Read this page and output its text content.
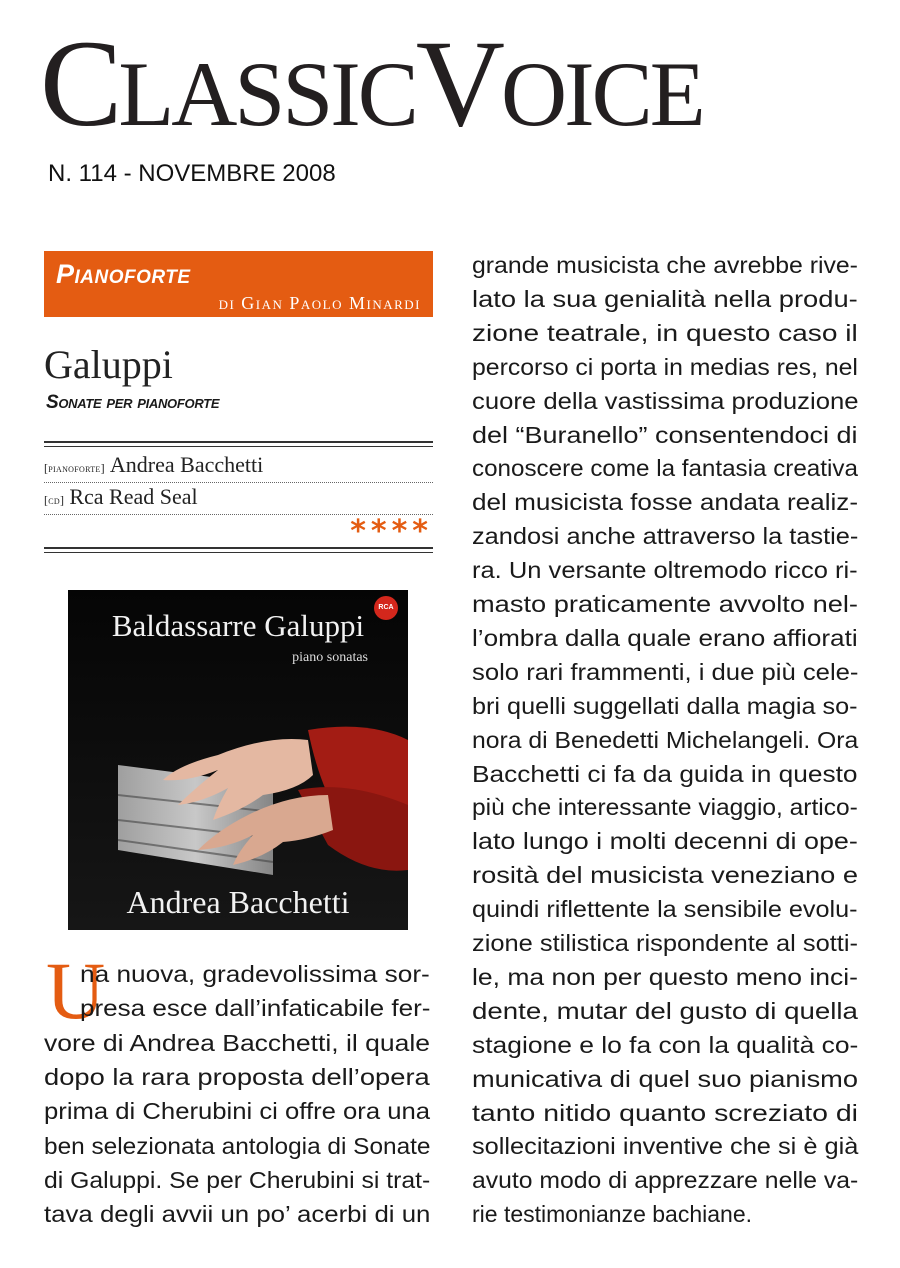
CLASSICVOICE
N. 114 - NOVEMBRE 2008
Pianoforte
di Gian Paolo Minardi
Galuppi
Sonate per pianoforte
[pianoforte] Andrea Bacchetti
[cd] Rca Read Seal
****
RCA
Baldassarre Galuppi
piano sonatas
Andrea Bacchetti
U
na nuova, gradevolissima sor-
presa esce dall’infaticabile fer-
vore di Andrea Bacchetti, il quale
dopo la rara proposta dell’opera
prima di Cherubini ci offre ora una
ben selezionata antologia di Sonate
di Galuppi. Se per Cherubini si trat-
tava degli avvii un po’ acerbi di un
grande musicista che avrebbe rive-
lato la sua genialità nella produ-
zione teatrale, in questo caso il
percorso ci porta in medias res, nel
cuore della vastissima produzione
del “Buranello” consentendoci di
conoscere come la fantasia creativa
del musicista fosse andata realiz-
zandosi anche attraverso la tastie-
ra. Un versante oltremodo ricco ri-
masto praticamente avvolto nel-
l’ombra dalla quale erano affiorati
solo rari frammenti, i due più cele-
bri quelli suggellati dalla magia so-
nora di Benedetti Michelangeli. Ora
Bacchetti ci fa da guida in questo
più che interessante viaggio, artico-
lato lungo i molti decenni di ope-
rosità del musicista veneziano e
quindi riflettente la sensibile evolu-
zione stilistica rispondente al sotti-
le, ma non per questo meno inci-
dente, mutar del gusto di quella
stagione e lo fa con la qualità co-
municativa di quel suo pianismo
tanto nitido quanto screziato di
sollecitazioni inventive che si è già
avuto modo di apprezzare nelle va-
rie testimonianze bachiane.
